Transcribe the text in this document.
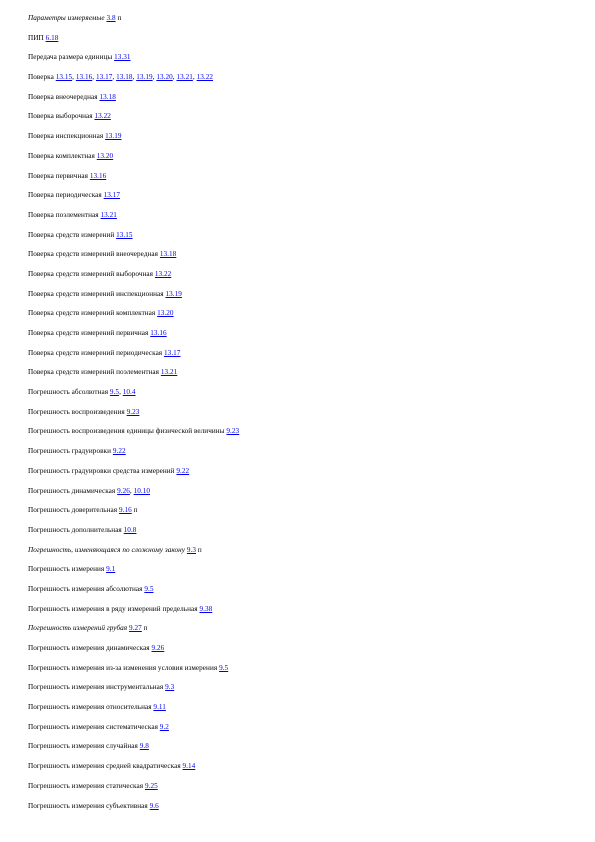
Параметры измеряемые 3.8 п
ПИП 6.18
Передача размера единицы 13.31
Поверка 13.15, 13.16, 13.17, 13.18, 13.19, 13.20, 13.21, 13.22
Поверка внеочередная 13.18
Поверка выборочная 13.22
Поверка инспекционная 13.19
Поверка комплектная 13.20
Поверка первичная 13.16
Поверка периодическая 13.17
Поверка поэлементная 13.21
Поверка средств измерений 13.15
Поверка средств измерений внеочередная 13.18
Поверка средств измерений выборочная 13.22
Поверка средств измерений инспекционная 13.19
Поверка средств измерений комплектная 13.20
Поверка средств измерений первичная 13.16
Поверка средств измерений периодическая 13.17
Поверка средств измерений поэлементная 13.21
Погрешность абсолютная 9.5, 10.4
Погрешность воспроизведения 9.23
Погрешность воспроизведения единицы физической величины 9.23
Погрешность градуировки 9.22
Погрешность градуировки средства измерений 9.22
Погрешность динамическая 9.26, 10.10
Погрешность доверительная 9.16 п
Погрешность дополнительная 10.8
Погрешность, изменяющаяся по сложному закону 9.3 п
Погрешность измерения 9.1
Погрешность измерения абсолютная 9.5
Погрешность измерения в ряду измерений предельная 9.38
Погрешность измерений грубая 9.27 п
Погрешность измерения динамическая 9.26
Погрешность измерения из-за изменения условия измерения 9.5
Погрешность измерения инструментальная 9.3
Погрешность измерения относительная 9.11
Погрешность измерения систематическая 9.2
Погрешность измерения случайная 9.8
Погрешность измерения средней квадратическая 9.14
Погрешность измерения статическая 9.25
Погрешность измерения субъективная 9.6
